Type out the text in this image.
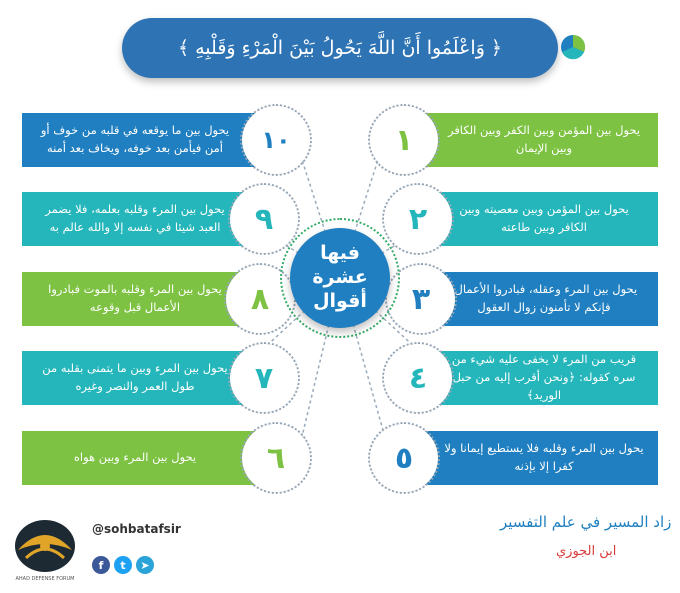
﴿ وَاعْلَمُوا أَنَّ اللَّهَ يَحُولُ بَيْنَ الْمَرْءِ وَقَلْبِهِ ﴾
يحول بين المؤمن وبين الكفر وبين الكافر وبين الإيمان
يحول بين المؤمن وبين معصيته وبين الكافر وبين طاعته
يحول بين المرء وعقله، فبادروا الأعمال، فإنكم لا تأمنون زوال العقول
قريب من المرء لا يخفى عليه شيء من سره كقوله: ﴿ونحن أقرب إليه من حبل الوريد﴾
يحول بين المرء وقلبه فلا يستطيع إيمانا ولا كفرا إلا بإذنه
يحول بين المرء وبين هواه
يحول بين المرء وبين ما يتمنى بقلبه من طول العمر والنصر وغيره
يحول بين المرء وقلبه بالموت فبادروا الأعمال قبل وقوعه
يحول بين المرء وقلبه بعلمه، فلا يضمر العبد شيئا في نفسه إلا والله عالم به
يحول بين ما يوقعه في قلبه من خوف أو أمن فيأمن بعد خوفه، ويخاف بعد أمنه	١
٢
٣
٤
٥
١٠
٩
٨
٧
٦
فيها
عشرة
أقوال
زاد المسير في علم التفسير
ابن الجوزي
AHAD DEFENSE FORUM
@sohbatafsir
f	t	➤
